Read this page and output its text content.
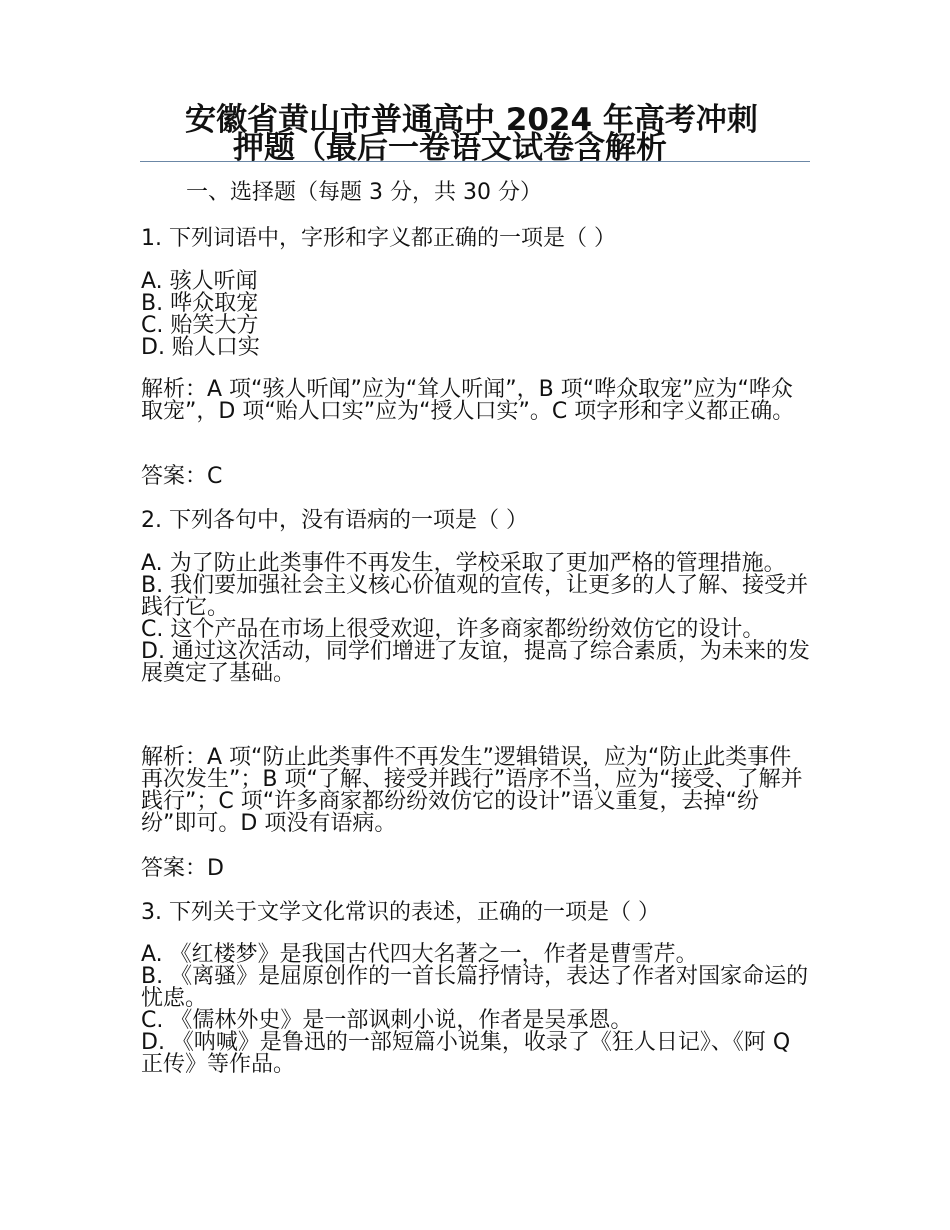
安徽省黄山市普通高中 2024 年高考冲刺
押题（最后一卷语文试卷含解析
一、选择题（每题 3 分，共 30 分）
1. 下列词语中，字形和字义都正确的一项是（ ）
A. 骇人听闻
B. 哗众取宠
C. 贻笑大方
D. 贻人口实
解析：A 项“骇人听闻”应为“耸人听闻”，B 项“哗众取宠”应为“哗众取宠”，D 项“贻人口实”应为“授人口实”。C 项字形和字义都正确。
答案：C
2. 下列各句中，没有语病的一项是（ ）
A. 为了防止此类事件不再发生，学校采取了更加严格的管理措施。
B. 我们要加强社会主义核心价值观的宣传，让更多的人了解、接受并践行它。
C. 这个产品在市场上很受欢迎，许多商家都纷纷效仿它的设计。
D. 通过这次活动，同学们增进了友谊，提高了综合素质，为未来的发展奠定了基础。
解析：A 项“防止此类事件不再发生”逻辑错误，应为“防止此类事件再次发生”；B 项“了解、接受并践行”语序不当，应为“接受、了解并践行”；C 项“许多商家都纷纷效仿它的设计”语义重复，去掉“纷纷”即可。D 项没有语病。
答案：D
3. 下列关于文学文化常识的表述，正确的一项是（ ）
A. 《红楼梦》是我国古代四大名著之一，作者是曹雪芹。
B. 《离骚》是屈原创作的一首长篇抒情诗，表达了作者对国家命运的忧虑。
C. 《儒林外史》是一部讽刺小说，作者是吴承恩。
D. 《呐喊》是鲁迅的一部短篇小说集，收录了《狂人日记》、《阿 Q 正传》等作品。
